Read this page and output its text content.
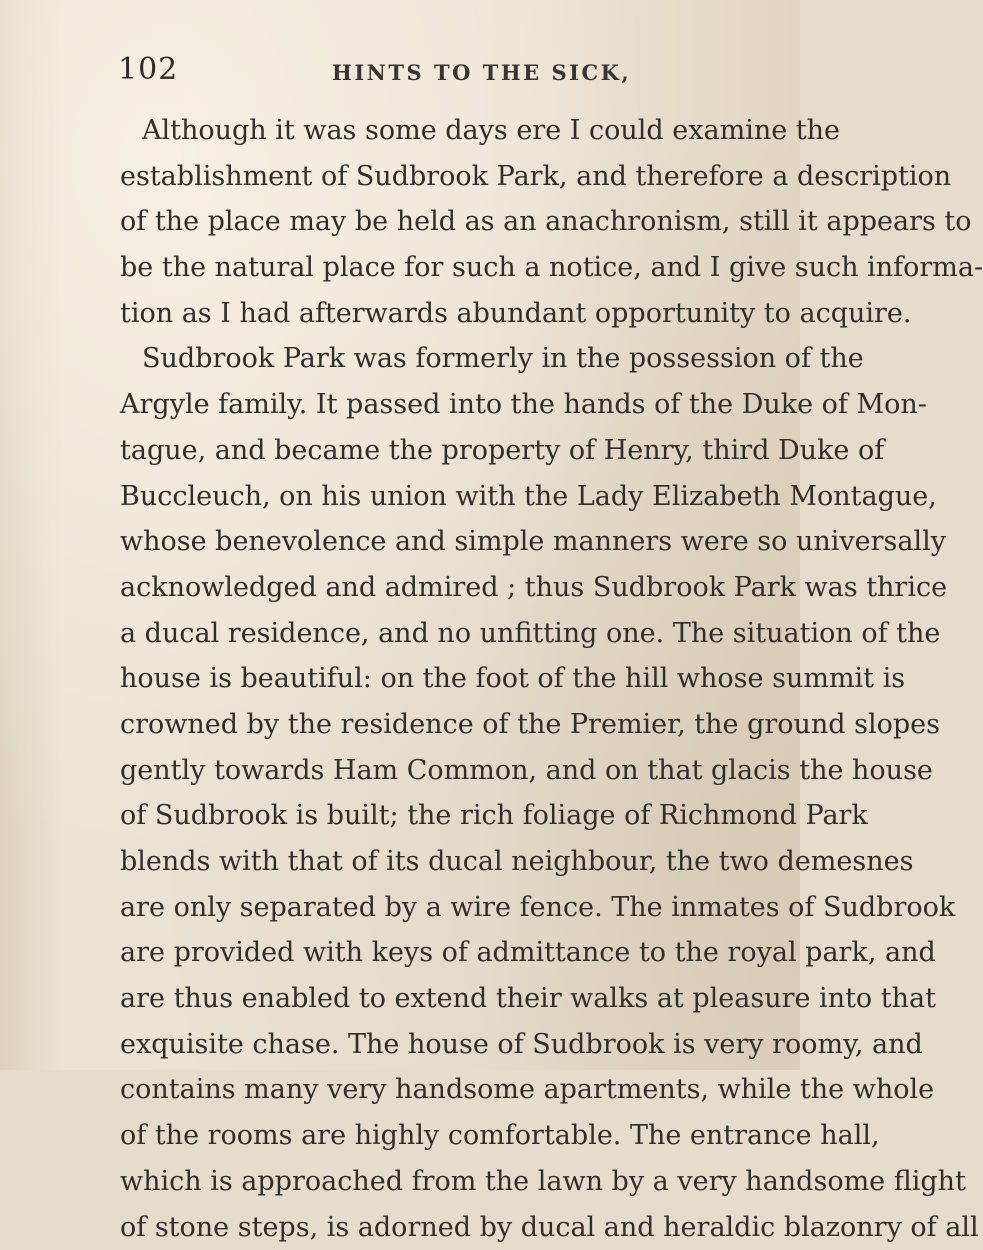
102	HINTS TO THE SICK,
Although it was some days ere I could examine the
establishment of Sudbrook Park, and therefore a description
of the place may be held as an anachronism, still it appears to
be the natural place for such a notice, and I give such informa-
tion as I had afterwards abundant opportunity to acquire.
Sudbrook Park was formerly in the possession of the
Argyle family. It passed into the hands of the Duke of Mon-
tague, and became the property of Henry, third Duke of
Buccleuch, on his union with the Lady Elizabeth Montague,
whose benevolence and simple manners were so universally
acknowledged and admired ; thus Sudbrook Park was thrice
a ducal residence, and no unfitting one. The situation of the
house is beautiful: on the foot of the hill whose summit is
crowned by the residence of the Premier, the ground slopes
gently towards Ham Common, and on that glacis the house
of Sudbrook is built; the rich foliage of Richmond Park
blends with that of its ducal neighbour, the two demesnes
are only separated by a wire fence. The inmates of Sudbrook
are provided with keys of admittance to the royal park, and
are thus enabled to extend their walks at pleasure into that
exquisite chase. The house of Sudbrook is very roomy, and
contains many very handsome apartments, while the whole
of the rooms are highly comfortable. The entrance hall,
which is approached from the lawn by a very handsome flight
of stone steps, is adorned by ducal and heraldic blazonry of all
